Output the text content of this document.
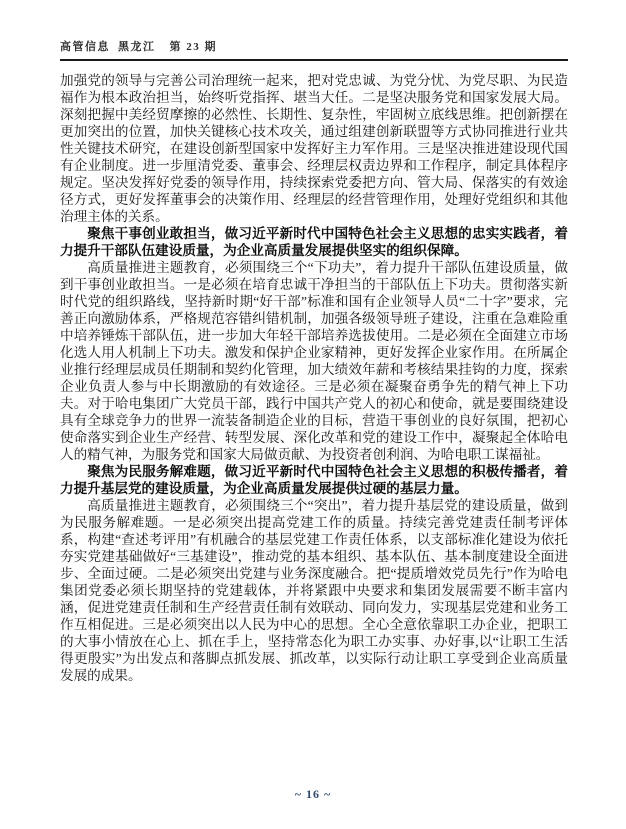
高管信息 黑龙江 第 23 期

加强党的领导与完善公司治理统一起来，把对党忠诚、为党分忧、为党尽职、为民造福作为根本政治担当，始终听党指挥、堪当大任。二是坚决服务党和国家发展大局。深刻把握中美经贸摩擦的必然性、长期性、复杂性，牢固树立底线思维。把创新摆在更加突出的位置，加快关键核心技术攻关，通过组建创新联盟等方式协同推进行业共性关键技术研究，在建设创新型国家中发挥好主力军作用。三是坚决推进建设现代国有企业制度。进一步厘清党委、董事会、经理层权责边界和工作程序，制定具体程序规定。坚决发挥好党委的领导作用，持续探索党委把方向、管大局、保落实的有效途径方式，更好发挥董事会的决策作用、经理层的经营管理作用，处理好党组织和其他治理主体的关系。

聚焦干事创业敢担当，做习近平新时代中国特色社会主义思想的忠实实践者，着力提升干部队伍建设质量，为企业高质量发展提供坚实的组织保障。

高质量推进主题教育，必须围绕三个“下功夫”，着力提升干部队伍建设质量，做到干事创业敢担当。一是必须在培育忠诚干净担当的干部队伍上下功夫。贯彻落实新时代党的组织路线，坚持新时期“好干部”标准和国有企业领导人员“二十字”要求，完善正向激励体系，严格规范容错纠错机制，加强各级领导班子建设，注重在急难险重中培养锤炼干部队伍，进一步加大年轻干部培养选拔使用。二是必须在全面建立市场化选人用人机制上下功夫。激发和保护企业家精神，更好发挥企业家作用。在所属企业推行经理层成员任期制和契约化管理，加大绩效年薪和考核结果挂钩的力度，探索企业负责人参与中长期激励的有效途径。三是必须在凝聚奋勇争先的精气神上下功夫。对于哈电集团广大党员干部，践行中国共产党人的初心和使命，就是要围绕建设具有全球竞争力的世界一流装备制造企业的目标，营造干事创业的良好氛围，把初心使命落实到企业生产经营、转型发展、深化改革和党的建设工作中，凝聚起全体哈电人的精气神，为服务党和国家大局做贡献、为投资者创利润、为哈电职工谋福祉。

聚焦为民服务解难题，做习近平新时代中国特色社会主义思想的积极传播者，着力提升基层党的建设质量，为企业高质量发展提供过硬的基层力量。

高质量推进主题教育，必须围绕三个“突出”，着力提升基层党的建设质量，做到为民服务解难题。一是必须突出提高党建工作的质量。持续完善党建责任制考评体系，构建“查述考评用”有机融合的基层党建工作责任体系，以支部标准化建设为依托夯实党建基础做好“三基建设”，推动党的基本组织、基本队伍、基本制度建设全面进步、全面过硬。二是必须突出党建与业务深度融合。把“提质增效党员先行”作为哈电集团党委必须长期坚持的党建载体，并将紧跟中央要求和集团发展需要不断丰富内涵，促进党建责任制和生产经营责任制有效联动、同向发力，实现基层党建和业务工作互相促进。三是必须突出以人民为中心的思想。全心全意依靠职工办企业，把职工的大事小情放在心上、抓在手上，坚持常态化为职工办实事、办好事,以“让职工生活得更殷实”为出发点和落脚点抓发展、抓改革，以实际行动让职工享受到企业高质量发展的成果。

~ 16 ~
